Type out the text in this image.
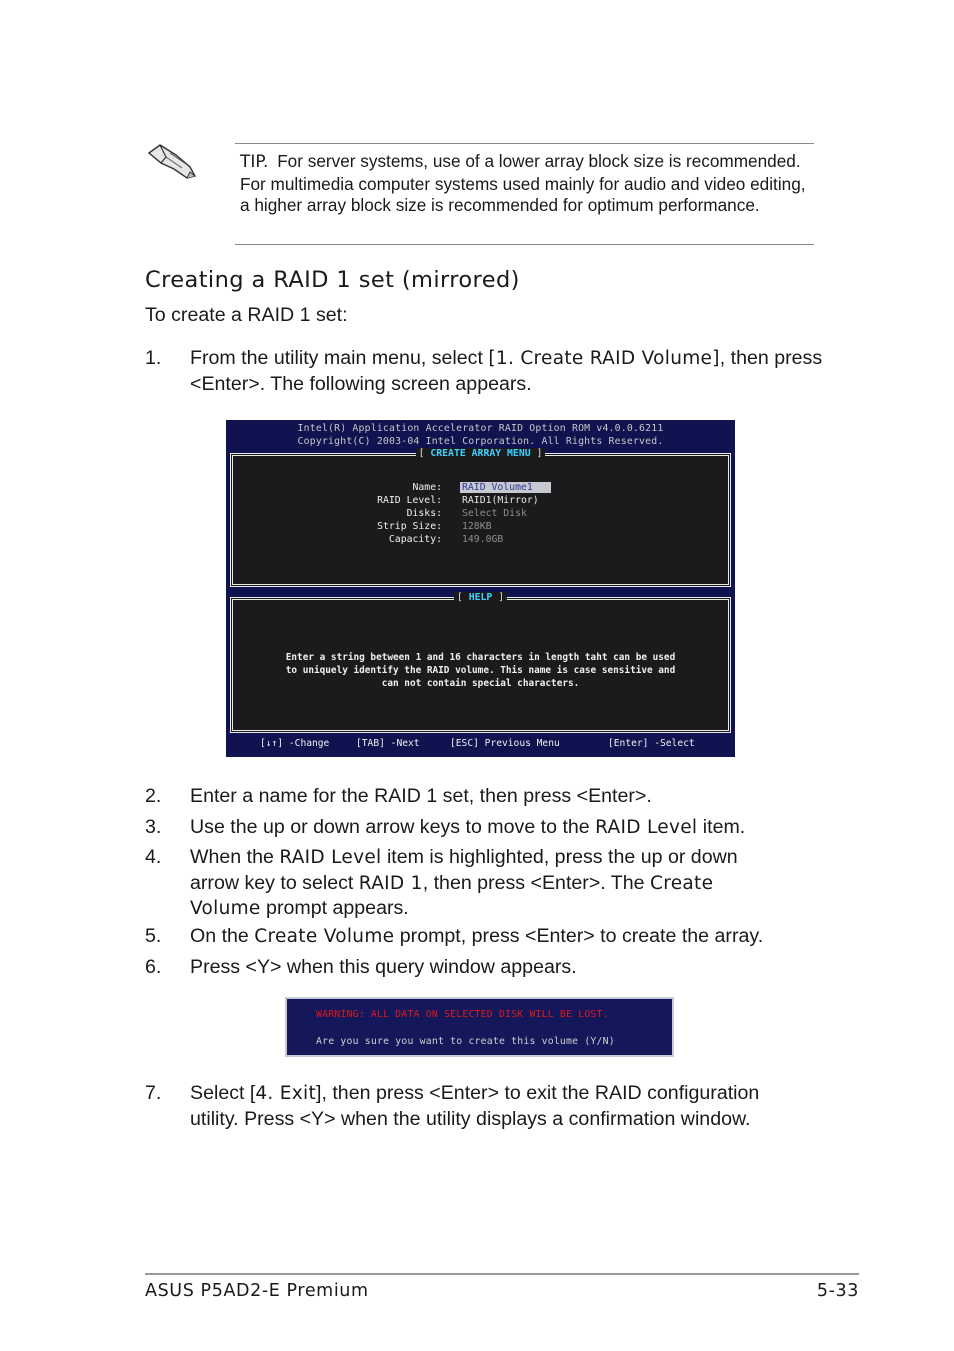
TIP. For server systems, use of a lower array block size is recommended. For multimedia computer systems used mainly for audio and video editing, a higher array block size is recommended for optimum performance.
Creating a RAID 1 set (mirrored)
To create a RAID 1 set:
1.	From the utility main menu, select [1. Create RAID Volume], then press <Enter>. The following screen appears.
Intel(R) Application Accelerator RAID Option ROM v4.0.0.6211
Copyright(C) 2003-04 Intel Corporation. All Rights Reserved.
[ CREATE ARRAY MENU ]
Name: RAID Volume1
RAID Level: RAID1(Mirror)
Disks: Select Disk
Strip Size: 128KB
Capacity: 149.0GB
[ HELP ]
Enter a string between 1 and 16 characters in length taht can be used
to uniquely identify the RAID volume. This name is case sensitive and
can not contain special characters.
[↓↑] -Change	[TAB] -Next	[ESC] Previous Menu	[Enter] -Select
2.	Enter a name for the RAID 1 set, then press <Enter>.
3.	Use the up or down arrow keys to move to the RAID Level item.
4.	When the RAID Level item is highlighted, press the up or down arrow key to select RAID 1, then press <Enter>. The Create Volume prompt appears.
5.	On the Create Volume prompt, press <Enter> to create the array.
6.	Press <Y> when this query window appears.
WARNING: ALL DATA ON SELECTED DISK WILL BE LOST.
Are you sure you want to create this volume (Y/N)
7.	Select [4. Exit], then press <Enter> to exit the RAID configuration utility. Press <Y> when the utility displays a confirmation window.
ASUS P5AD2-E Premium	5-33
